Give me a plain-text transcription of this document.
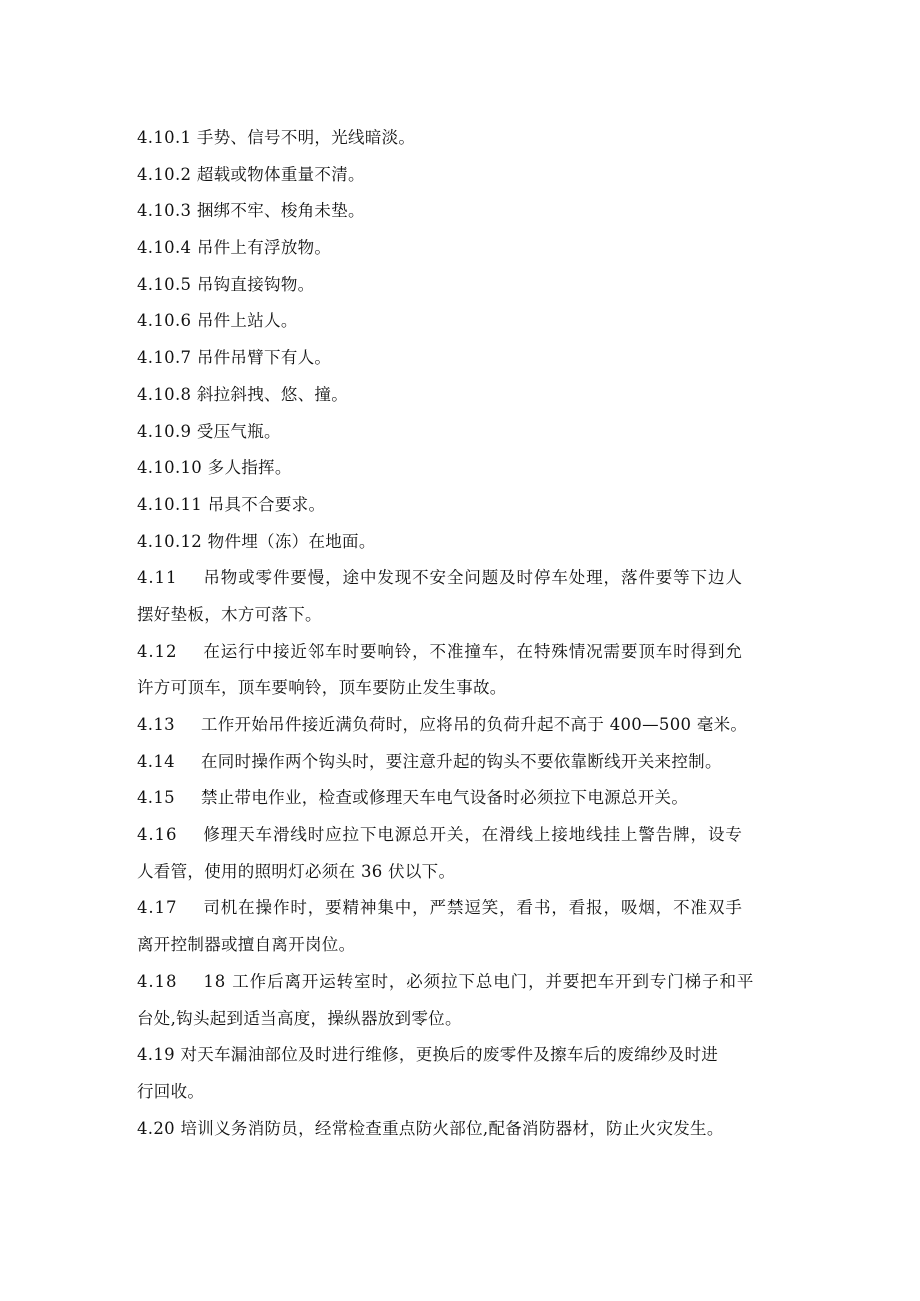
4.10.1 手势、信号不明，光线暗淡。
4.10.2 超载或物体重量不清。
4.10.3 捆绑不牢、梭角未垫。
4.10.4 吊件上有浮放物。
4.10.5 吊钩直接钩物。
4.10.6 吊件上站人。
4.10.7 吊件吊臂下有人。
4.10.8 斜拉斜拽、悠、撞。
4.10.9 受压气瓶。
4.10.10 多人指挥。
4.10.11 吊具不合要求。
4.10.12 物件埋（冻）在地面。
4.11 吊物或零件要慢，途中发现不安全问题及时停车处理，落件要等下边人
摆好垫板，木方可落下。
4.12 在运行中接近邻车时要响铃，不准撞车，在特殊情况需要顶车时得到允
许方可顶车，顶车要响铃，顶车要防止发生事故。
4.13 工作开始吊件接近满负荷时，应将吊的负荷升起不高于 400—500 毫米。
4.14 在同时操作两个钩头时，要注意升起的钩头不要依靠断线开关来控制。
4.15 禁止带电作业，检查或修理天车电气设备时必须拉下电源总开关。
4.16 修理天车滑线时应拉下电源总开关，在滑线上接地线挂上警告牌，设专
人看管，使用的照明灯必须在 36 伏以下。
4.17 司机在操作时，要精神集中，严禁逗笑，看书，看报，吸烟，不准双手
离开控制器或擅自离开岗位。
4.18 18 工作后离开运转室时，必须拉下总电门，并要把车开到专门梯子和平
台处,钩头起到适当高度，操纵器放到零位。
4.19 对天车漏油部位及时进行维修，更换后的废零件及擦车后的废绵纱及时进
行回收。
4.20 培训义务消防员，经常检查重点防火部位,配备消防器材，防止火灾发生。
